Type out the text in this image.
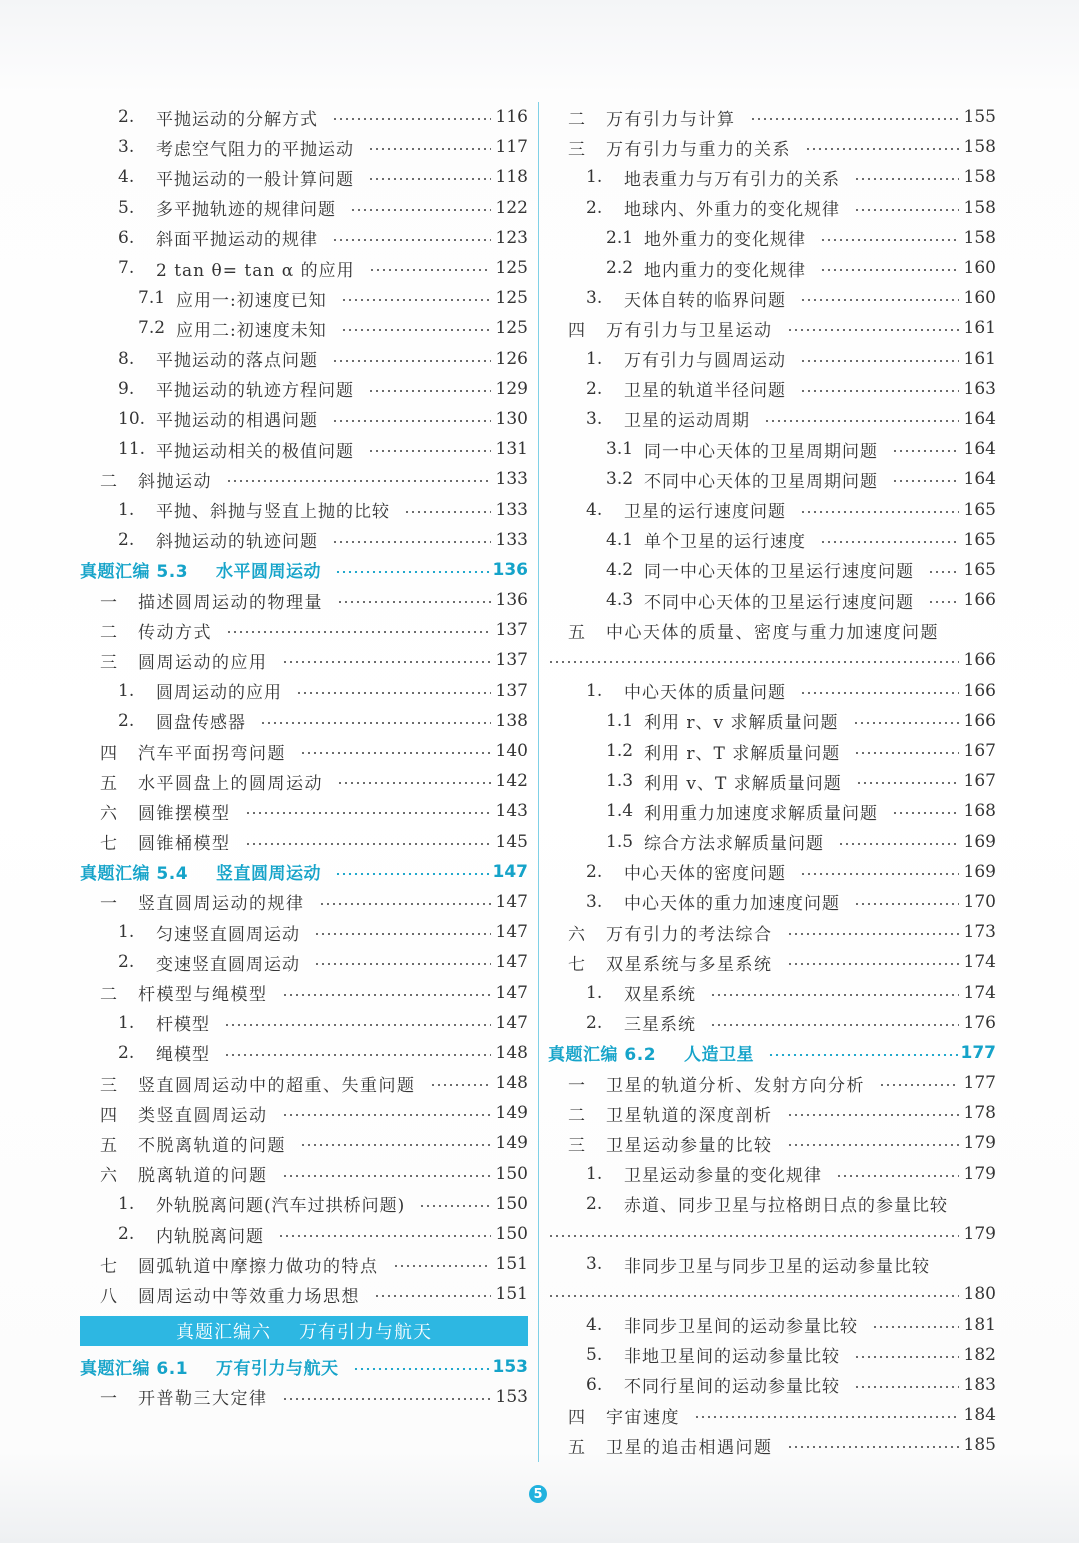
2.	平抛运动的分解方式	116
3.	考虑空气阻力的平抛运动	117
4.	平抛运动的一般计算问题	118
5.	多平抛轨迹的规律问题	122
6.	斜面平抛运动的规律	123
7.	2 tan θ= tan α 的应用	125
7.1 应用一:初速度已知	125
7.2 应用二:初速度未知	125
8.	平抛运动的落点问题	126
9.	平抛运动的轨迹方程问题	129
10. 平抛运动的相遇问题	130
11. 平抛运动相关的极值问题	131
二	斜抛运动	133
1.	平抛、斜抛与竖直上抛的比较	133
2.	斜抛运动的轨迹问题	133
真题汇编 5.3 水平圆周运动	136
一	描述圆周运动的物理量	136
二	传动方式	137
三	圆周运动的应用	137
1.	圆周运动的应用	137
2.	圆盘传感器	138
四	汽车平面拐弯问题	140
五	水平圆盘上的圆周运动	142
六	圆锥摆模型	143
七	圆锥桶模型	145
真题汇编 5.4 竖直圆周运动	147
一	竖直圆周运动的规律	147
1.	匀速竖直圆周运动	147
2.	变速竖直圆周运动	147
二	杆模型与绳模型	147
1.	杆模型	147
2.	绳模型	148
三	竖直圆周运动中的超重、失重问题	148
四	类竖直圆周运动	149
五	不脱离轨道的问题	149
六	脱离轨道的问题	150
1.	外轨脱离问题(汽车过拱桥问题)	150
2.	内轨脱离问题	150
七	圆弧轨道中摩擦力做功的特点	151
八	圆周运动中等效重力场思想	151
真题汇编六 万有引力与航天
真题汇编 6.1 万有引力与航天	153
一	开普勒三大定律	153
二	万有引力与计算	155
三	万有引力与重力的关系	158
1.	地表重力与万有引力的关系	158
2.	地球内、外重力的变化规律	158
2.1 地外重力的变化规律	158
2.2 地内重力的变化规律	160
3.	天体自转的临界问题	160
四	万有引力与卫星运动	161
1.	万有引力与圆周运动	161
2.	卫星的轨道半径问题	163
3.	卫星的运动周期	164
3.1 同一中心天体的卫星周期问题	164
3.2 不同中心天体的卫星周期问题	164
4.	卫星的运行速度问题	165
4.1 单个卫星的运行速度	165
4.2 同一中心天体的卫星运行速度问题	165
4.3 不同中心天体的卫星运行速度问题	166
五	中心天体的质量、密度与重力加速度问题
166
1.	中心天体的质量问题	166
1.1 利用 r、v 求解质量问题	166
1.2 利用 r、T 求解质量问题	167
1.3 利用 v、T 求解质量问题	167
1.4 利用重力加速度求解质量问题	168
1.5 综合方法求解质量问题	169
2.	中心天体的密度问题	169
3.	中心天体的重力加速度问题	170
六	万有引力的考法综合	173
七	双星系统与多星系统	174
1.	双星系统	174
2.	三星系统	176
真题汇编 6.2 人造卫星	177
一	卫星的轨道分析、发射方向分析	177
二	卫星轨道的深度剖析	178
三	卫星运动参量的比较	179
1.	卫星运动参量的变化规律	179
2.	赤道、同步卫星与拉格朗日点的参量比较
179
3.	非同步卫星与同步卫星的运动参量比较
180
4.	非同步卫星间的运动参量比较	181
5.	非地卫星间的运动参量比较	182
6.	不同行星间的运动参量比较	183
四	宇宙速度	184
五	卫星的追击相遇问题	185
5
